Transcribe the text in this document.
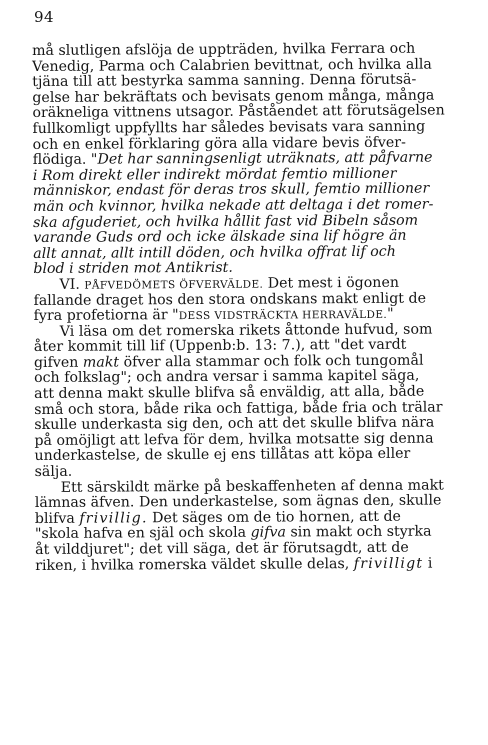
94
må slutligen afslöja de uppträden, hvilka Ferrara och
Venedig, Parma och Calabrien bevittnat, och hvilka alla
tjäna till att bestyrka samma sanning. Denna förutsä-
gelse har bekräftats och bevisats genom många, många
oräkneliga vittnens utsagor. Påståendet att förutsägelsen
fullkomligt uppfyllts har således bevisats vara sanning
och en enkel förklaring göra alla vidare bevis öfver-
flödiga. "Det har sanningsenligt uträknats, att påfvarne
i Rom direkt eller indirekt mördat femtio millioner
människor, endast för deras tros skull, femtio millioner
män och kvinnor, hvilka nekade att deltaga i det romer-
ska afguderiet, och hvilka hållit fast vid Bibeln såsom
varande Guds ord och icke älskade sina lif högre än
allt annat, allt intill döden, och hvilka offrat lif och
blod i striden mot Antikrist.
VI. PÅFVEDÖMETS ÖFVERVÄLDE. Det mest i ögonen
fallande draget hos den stora ondskans makt enligt de
fyra profetiorna är "DESS VIDSTRÄCKTA HERRAVÄLDE."
Vi läsa om det romerska rikets åttonde hufvud, som
åter kommit till lif (Uppenb:b. 13: 7.), att "det vardt
gifven makt öfver alla stammar och folk och tungomål
och folkslag"; och andra versar i samma kapitel säga,
att denna makt skulle blifva så enväldig, att alla, både
små och stora, både rika och fattiga, både fria och trälar
skulle underkasta sig den, och att det skulle blifva nära
på omöjligt att lefva för dem, hvilka motsatte sig denna
underkastelse, de skulle ej ens tillåtas att köpa eller
sälja.
Ett särskildt märke på beskaffenheten af denna makt
lämnas äfven. Den underkastelse, som ägnas den, skulle
blifva frivillig. Det säges om de tio hornen, att de
"skola hafva en själ och skola gifva sin makt och styrka
åt vilddjuret"; det vill säga, det är förutsagdt, att de
riken, i hvilka romerska väldet skulle delas, frivilligt i
